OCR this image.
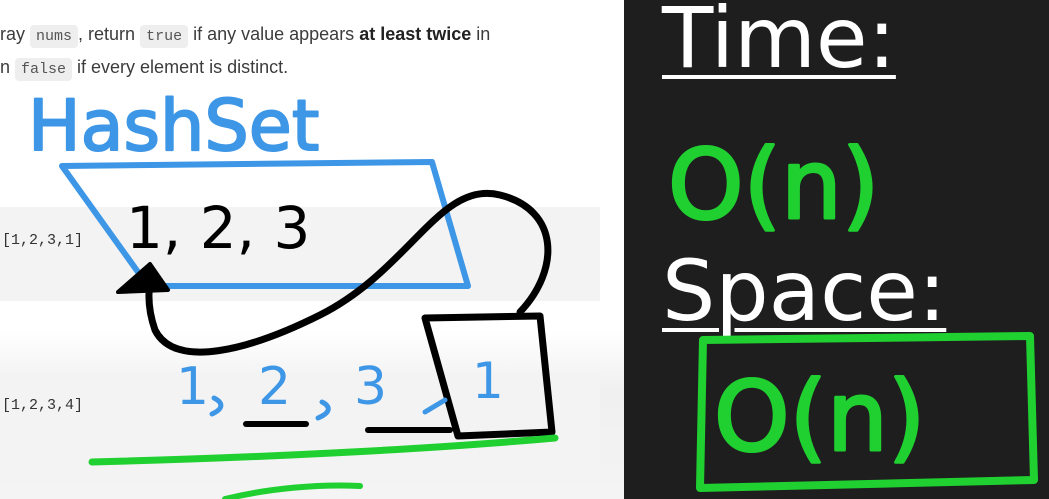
ray nums , return true if any value appears at least twice in
n false if every element is distinct.
[1,2,3,1]
[1,2,3,4]
HashSet
1, 2, 3
1
1 2 3
Time:
Space:
O(n)
O(n)
